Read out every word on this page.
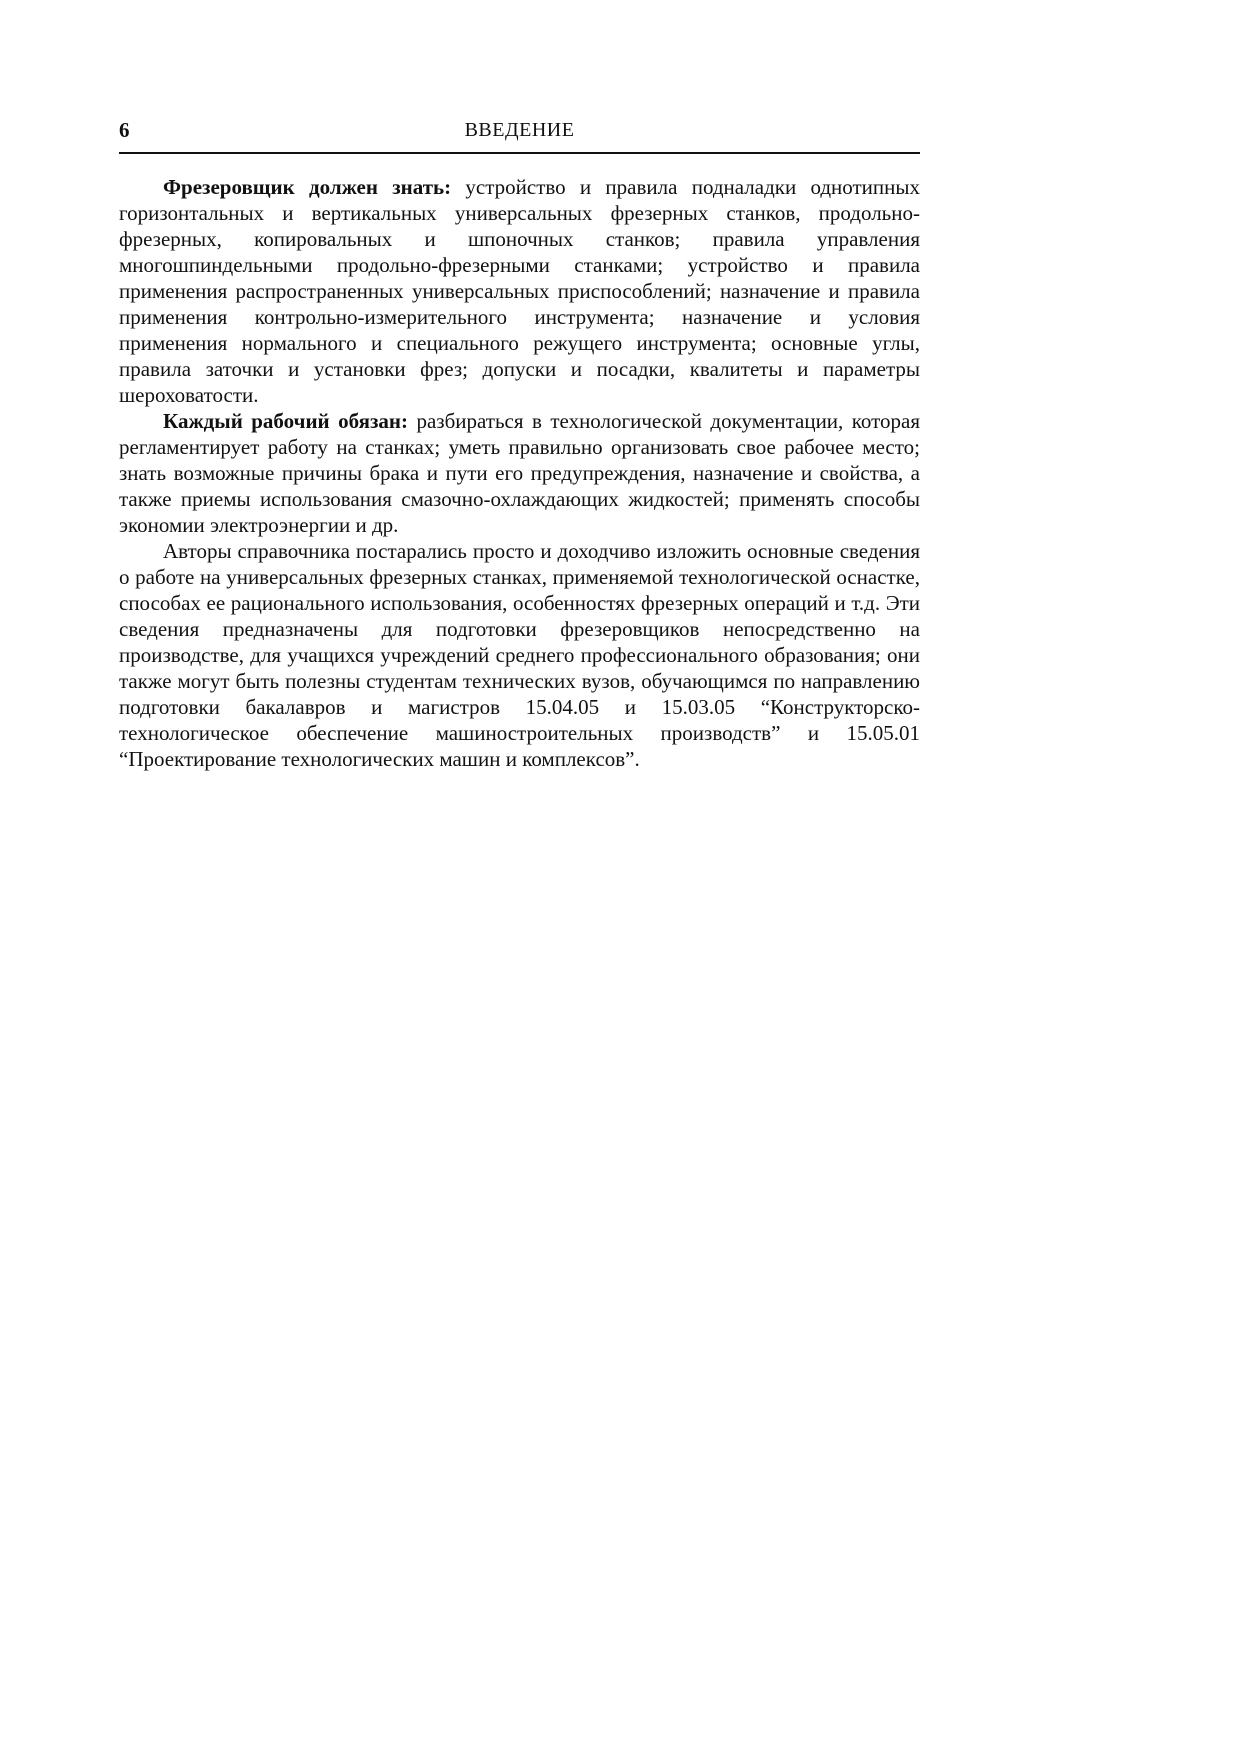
6	ВВЕДЕНИЕ

Фрезеровщик должен знать: устройство и правила подналадки однотипных горизонтальных и вертикальных универсальных фрезерных станков, продольно-фрезерных, копировальных и шпоночных станков; правила управления многошпиндельными продольно-фрезерными станками; устройство и правила применения распространенных универсальных приспособлений; назначение и правила применения контрольно-измерительного инструмента; назначение и условия применения нормального и специального режущего инструмента; основные углы, правила заточки и установки фрез; допуски и посадки, квалитеты и параметры шероховатости.

Каждый рабочий обязан: разбираться в технологической документации, которая регламентирует работу на станках; уметь правильно организовать свое рабочее место; знать возможные причины брака и пути его предупреждения, назначение и свойства, а также приемы использования смазочно-охлаждающих жидкостей; применять способы экономии электроэнергии и др.

Авторы справочника постарались просто и доходчиво изложить основные сведения о работе на универсальных фрезерных станках, применяемой технологической оснастке, способах ее рационального использования, особенностях фрезерных операций и т.д. Эти сведения предназначены для подготовки фрезеровщиков непосредственно на производстве, для учащихся учреждений среднего профессионального образования; они также могут быть полезны студентам технических вузов, обучающимся по направлению подготовки бакалавров и магистров 15.04.05 и 15.03.05 “Конструкторско-технологическое обеспечение машиностроительных производств” и 15.05.01 “Проектирование технологических машин и комплексов”.
